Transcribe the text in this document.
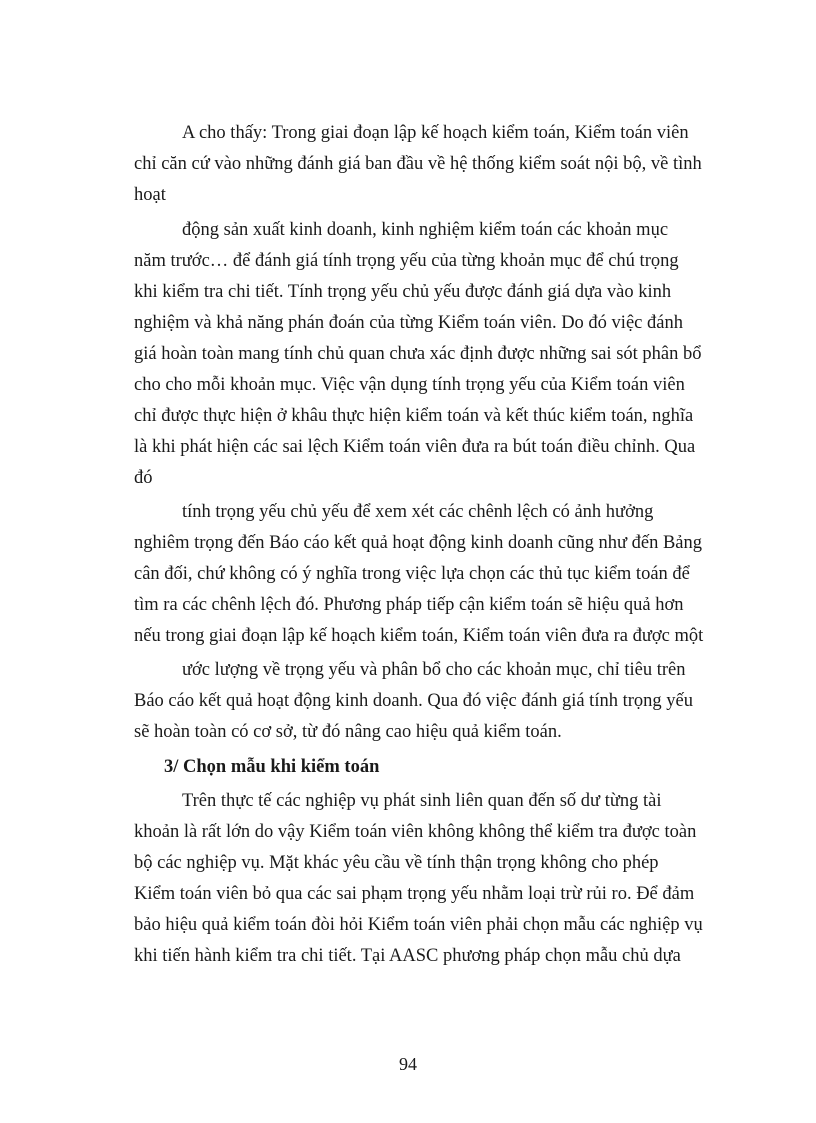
A cho thấy: Trong giai đoạn lập kế hoạch kiểm toán, Kiểm toán viên

chỉ căn cứ vào những đánh giá ban đầu về hệ thống kiểm soát nội bộ, về tình

hoạt

động sản xuất kinh doanh, kinh nghiệm kiểm toán các khoản mục

năm trước… để đánh giá tính trọng yếu của từng khoản mục để chú trọng

khi kiểm tra chi tiết. Tính trọng yếu chủ yếu được đánh giá dựa vào kinh

nghiệm và khả năng phán đoán của từng Kiểm toán viên. Do đó việc đánh

giá hoàn toàn mang tính chủ quan chưa xác định được những sai sót phân bổ

cho cho mỗi khoản mục. Việc vận dụng tính trọng yếu của Kiểm toán viên

chỉ được thực hiện ở khâu thực hiện kiểm toán và kết thúc kiểm toán, nghĩa

là khi phát hiện các sai lệch Kiểm toán viên đưa ra bút toán điều chỉnh. Qua

đó

tính trọng yếu chủ yếu để xem xét các chênh lệch có ảnh hưởng

nghiêm trọng đến Báo cáo kết quả hoạt động kinh doanh cũng như đến Bảng

cân đối, chứ không có ý nghĩa trong việc lựa chọn các thủ tục kiểm toán để

tìm ra các chênh lệch đó. Phương pháp tiếp cận kiểm toán sẽ hiệu quả hơn

nếu trong giai đoạn lập kế hoạch kiểm toán, Kiểm toán viên đưa ra được một

ước lượng về trọng yếu và phân bổ cho các khoản mục, chỉ tiêu trên

Báo cáo kết quả hoạt động kinh doanh. Qua đó việc đánh giá tính trọng yếu

sẽ hoàn toàn có cơ sở, từ đó nâng cao hiệu quả kiểm toán.

3/ Chọn mẫu khi kiểm toán

Trên thực tế các nghiệp vụ phát sinh liên quan đến số dư từng tài

khoản là rất lớn do vậy Kiểm toán viên không không thể kiểm tra được toàn

bộ các nghiệp vụ. Mặt khác yêu cầu về tính thận trọng không cho phép

Kiểm toán viên bỏ qua các sai phạm trọng yếu nhằm loại trừ rủi ro. Để đảm

bảo hiệu quả kiểm toán đòi hỏi Kiểm toán viên phải chọn mẫu các nghiệp vụ

khi tiến hành kiểm tra chi tiết. Tại AASC phương pháp chọn mẫu chủ dựa

94
